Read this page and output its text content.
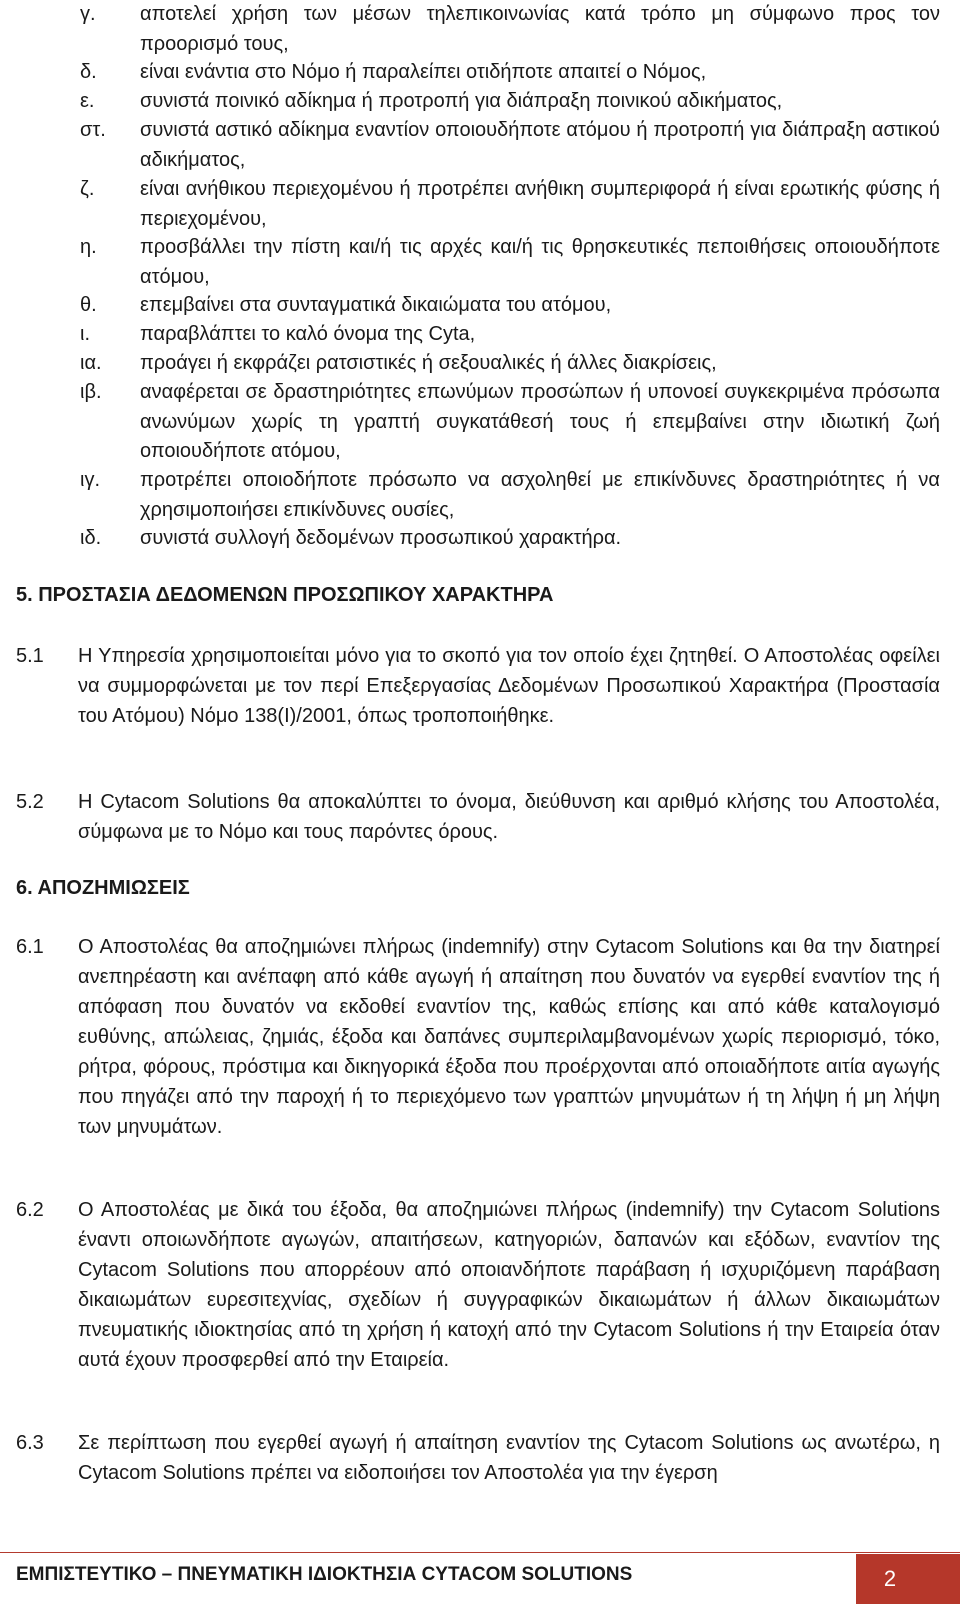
γ.	αποτελεί χρήση των μέσων τηλεπικοινωνίας κατά τρόπο μη σύμφωνο προς τον προορισμό τους,
δ.	είναι ενάντια στο Νόμο ή παραλείπει οτιδήποτε απαιτεί ο Νόμος,
ε.	συνιστά ποινικό αδίκημα ή προτροπή για διάπραξη ποινικού αδικήματος,
στ.	συνιστά αστικό αδίκημα εναντίον οποιουδήποτε ατόμου ή προτροπή για διάπραξη αστικού αδικήματος,
ζ.	είναι ανήθικου περιεχομένου ή προτρέπει ανήθικη συμπεριφορά ή είναι ερωτικής φύσης ή περιεχομένου,
η.	προσβάλλει την πίστη και/ή τις αρχές και/ή τις θρησκευτικές πεποιθήσεις οποιουδήποτε ατόμου,
θ.	επεμβαίνει στα συνταγματικά δικαιώματα του ατόμου,
ι.	παραβλάπτει το καλό όνομα της Cyta,
ια.	προάγει ή εκφράζει ρατσιστικές ή σεξουαλικές ή άλλες διακρίσεις,
ιβ.	αναφέρεται σε δραστηριότητες επωνύμων προσώπων ή υπονοεί συγκεκριμένα πρόσωπα ανωνύμων χωρίς τη γραπτή συγκατάθεσή τους ή επεμβαίνει στην ιδιωτική ζωή οποιουδήποτε ατόμου,
ιγ.	προτρέπει οποιοδήποτε πρόσωπο να ασχοληθεί με επικίνδυνες δραστηριότητες ή να χρησιμοποιήσει επικίνδυνες ουσίες,
ιδ.	συνιστά συλλογή δεδομένων προσωπικού χαρακτήρα.
5. ΠΡΟΣΤΑΣΙΑ ΔΕΔΟΜΕΝΩΝ ΠΡΟΣΩΠΙΚΟΥ ΧΑΡΑΚΤΗΡΑ
5.1	Η Υπηρεσία χρησιμοποιείται μόνο για το σκοπό για τον οποίο έχει ζητηθεί. Ο Αποστολέας οφείλει να συμμορφώνεται με τον περί Επεξεργασίας Δεδομένων Προσωπικού Χαρακτήρα (Προστασία του Ατόμου) Νόμο 138(Ι)/2001, όπως τροποποιήθηκε.
5.2	Η Cytacom Solutions θα αποκαλύπτει το όνομα, διεύθυνση και αριθμό κλήσης του Αποστολέα, σύμφωνα με το Νόμο και τους παρόντες όρους.
6. ΑΠΟΖΗΜΙΩΣΕΙΣ
6.1	Ο Αποστολέας θα αποζημιώνει πλήρως (indemnify) στην Cytacom Solutions και θα την διατηρεί ανεπηρέαστη και ανέπαφη από κάθε αγωγή ή απαίτηση που δυνατόν να εγερθεί εναντίον της ή απόφαση που δυνατόν να εκδοθεί εναντίον της, καθώς επίσης και από κάθε καταλογισμό ευθύνης, απώλειας, ζημιάς, έξοδα και δαπάνες συμπεριλαμβανομένων χωρίς περιορισμό, τόκο, ρήτρα, φόρους, πρόστιμα και δικηγορικά έξοδα που προέρχονται από οποιαδήποτε αιτία αγωγής που πηγάζει από την παροχή ή το περιεχόμενο των γραπτών μηνυμάτων ή τη λήψη ή μη λήψη των μηνυμάτων.
6.2	Ο Αποστολέας με δικά του έξοδα, θα αποζημιώνει πλήρως (indemnify) την Cytacom Solutions έναντι οποιωνδήποτε αγωγών, απαιτήσεων, κατηγοριών, δαπανών και εξόδων, εναντίον της Cytacom Solutions που απορρέουν από οποιανδήποτε παράβαση ή ισχυριζόμενη παράβαση δικαιωμάτων ευρεσιτεχνίας, σχεδίων ή συγγραφικών δικαιωμάτων ή άλλων δικαιωμάτων πνευματικής ιδιοκτησίας από τη χρήση ή κατοχή από την Cytacom Solutions ή την Εταιρεία όταν αυτά έχουν προσφερθεί από την Εταιρεία.
6.3	Σε περίπτωση που εγερθεί αγωγή ή απαίτηση εναντίον της Cytacom Solutions ως ανωτέρω, η Cytacom Solutions πρέπει να ειδοποιήσει τον Αποστολέα για την έγερση
ΕΜΠΙΣΤΕΥΤΙΚΟ – ΠΝΕΥΜΑΤΙΚΗ ΙΔΙΟΚΤΗΣΙΑ CYTACOM SOLUTIONS	2
